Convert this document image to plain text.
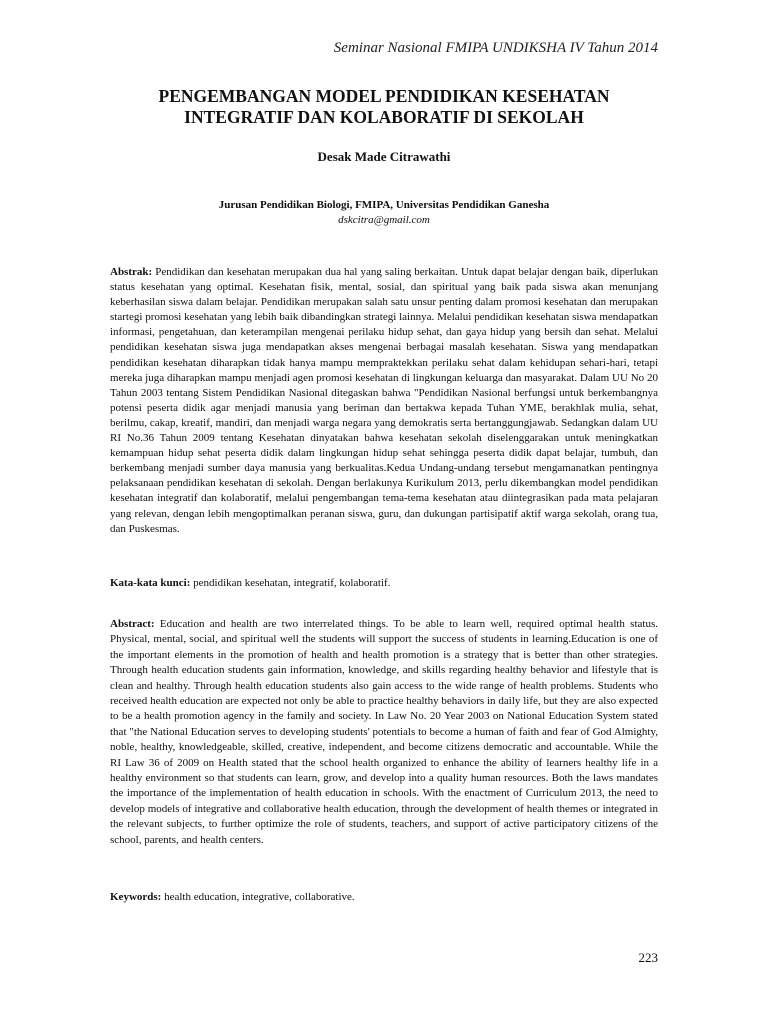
Seminar Nasional FMIPA UNDIKSHA IV Tahun 2014
PENGEMBANGAN MODEL PENDIDIKAN KESEHATAN
INTEGRATIF DAN KOLABORATIF DI SEKOLAH
Desak Made Citrawathi
Jurusan Pendidikan Biologi, FMIPA, Universitas Pendidikan Ganesha
dskcitra@gmail.com
Abstrak: Pendidikan dan kesehatan merupakan dua hal yang saling berkaitan. Untuk dapat belajar dengan baik, diperlukan status kesehatan yang optimal. Kesehatan fisik, mental, sosial, dan spiritual yang baik pada siswa akan menunjang keberhasilan siswa dalam belajar. Pendidikan merupakan salah satu unsur penting dalam promosi kesehatan dan merupakan startegi promosi kesehatan yang lebih baik dibandingkan strategi lainnya. Melalui pendidikan kesehatan siswa mendapatkan informasi, pengetahuan, dan keterampilan mengenai perilaku hidup sehat, dan gaya hidup yang bersih dan sehat. Melalui pendidikan kesehatan siswa juga mendapatkan akses mengenai berbagai masalah kesehatan. Siswa yang mendapatkan pendidikan kesehatan diharapkan tidak hanya mampu mempraktekkan perilaku sehat dalam kehidupan sehari-hari, tetapi mereka juga diharapkan mampu menjadi agen promosi kesehatan di lingkungan keluarga dan masyarakat. Dalam UU No 20 Tahun 2003 tentang Sistem Pendidikan Nasional ditegaskan bahwa "Pendidikan Nasional berfungsi untuk berkembangnya potensi peserta didik agar menjadi manusia yang beriman dan bertakwa kepada Tuhan YME, berakhlak mulia, sehat, berilmu, cakap, kreatif, mandiri, dan menjadi warga negara yang demokratis serta bertanggungjawab. Sedangkan dalam UU RI No.36 Tahun 2009 tentang Kesehatan dinyatakan bahwa kesehatan sekolah diselenggarakan untuk meningkatkan kemampuan hidup sehat peserta didik dalam lingkungan hidup sehat sehingga peserta didik dapat belajar, tumbuh, dan berkembang menjadi sumber daya manusia yang berkualitas.Kedua Undang-undang tersebut mengamanatkan pentingnya pelaksanaan pendidikan kesehatan di sekolah. Dengan berlakunya Kurikulum 2013, perlu dikembangkan model pendidikan kesehatan integratif dan kolaboratif, melalui pengembangan tema-tema kesehatan atau diintegrasikan pada mata pelajaran yang relevan, dengan lebih mengoptimalkan peranan siswa, guru, dan dukungan partisipatif aktif warga sekolah, orang tua, dan Puskesmas.
Kata-kata kunci: pendidikan kesehatan, integratif, kolaboratif.
Abstract: Education and health are two interrelated things. To be able to learn well, required optimal health status. Physical, mental, social, and spiritual well the students will support the success of students in learning.Education is one of the important elements in the promotion of health and health promotion is a strategy that is better than other strategies. Through health education students gain information, knowledge, and skills regarding healthy behavior and lifestyle that is clean and healthy. Through health education students also gain access to the wide range of health problems. Students who received health education are expected not only be able to practice healthy behaviors in daily life, but they are also expected to be a health promotion agency in the family and society. In Law No. 20 Year 2003 on National Education System stated that "the National Education serves to developing students' potentials to become a human of faith and fear of God Almighty, noble, healthy, knowledgeable, skilled, creative, independent, and become citizens democratic and accountable. While the RI Law 36 of 2009 on Health stated that the school health organized to enhance the ability of learners healthy life in a healthy environment so that students can learn, grow, and develop into a quality human resources. Both the laws mandates the importance of the implementation of health education in schools. With the enactment of Curriculum 2013, the need to develop models of integrative and collaborative health education, through the development of health themes or integrated in the relevant subjects, to further optimize the role of students, teachers, and support of active participatory citizens of the school, parents, and health centers.
Keywords: health education, integrative, collaborative.
223
